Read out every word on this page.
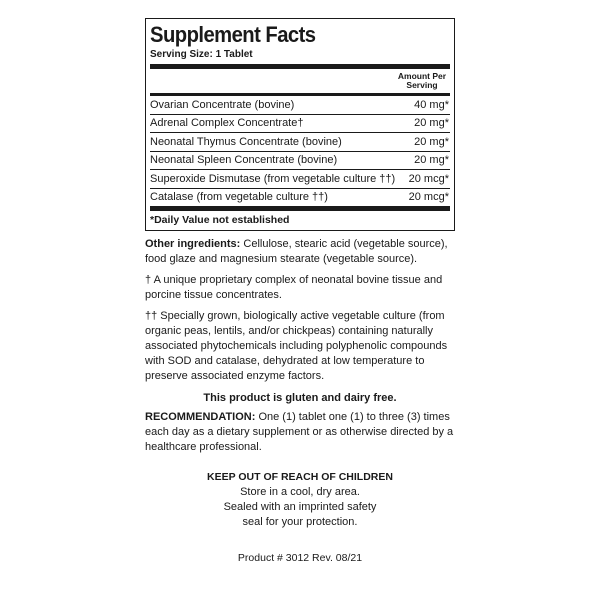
Supplement Facts
Serving Size: 1 Tablet
Amount Per
Serving
Ovarian Concentrate (bovine)	40 mg*
Adrenal Complex Concentrate†	20 mg*
Neonatal Thymus Concentrate (bovine)	20 mg*
Neonatal Spleen Concentrate (bovine)	20 mg*
Superoxide Dismutase (from vegetable culture ††) 20 mcg*
Catalase (from vegetable culture ††)	20 mcg*
*Daily Value not established

Other ingredients: Cellulose, stearic acid (vegetable source), food glaze and magnesium stearate (vegetable source).

† A unique proprietary complex of neonatal bovine tissue and porcine tissue concentrates.

†† Specially grown, biologically active vegetable culture (from organic peas, lentils, and/or chickpeas) containing naturally associated phytochemicals including polyphenolic compounds with SOD and catalase, dehydrated at low temperature to preserve associated enzyme factors.

This product is gluten and dairy free.

RECOMMENDATION: One (1) tablet one (1) to three (3) times each day as a dietary supplement or as otherwise directed by a healthcare professional.

KEEP OUT OF REACH OF CHILDREN
Store in a cool, dry area.
Sealed with an imprinted safety
seal for your protection.
Product # 3012 Rev. 08/21
